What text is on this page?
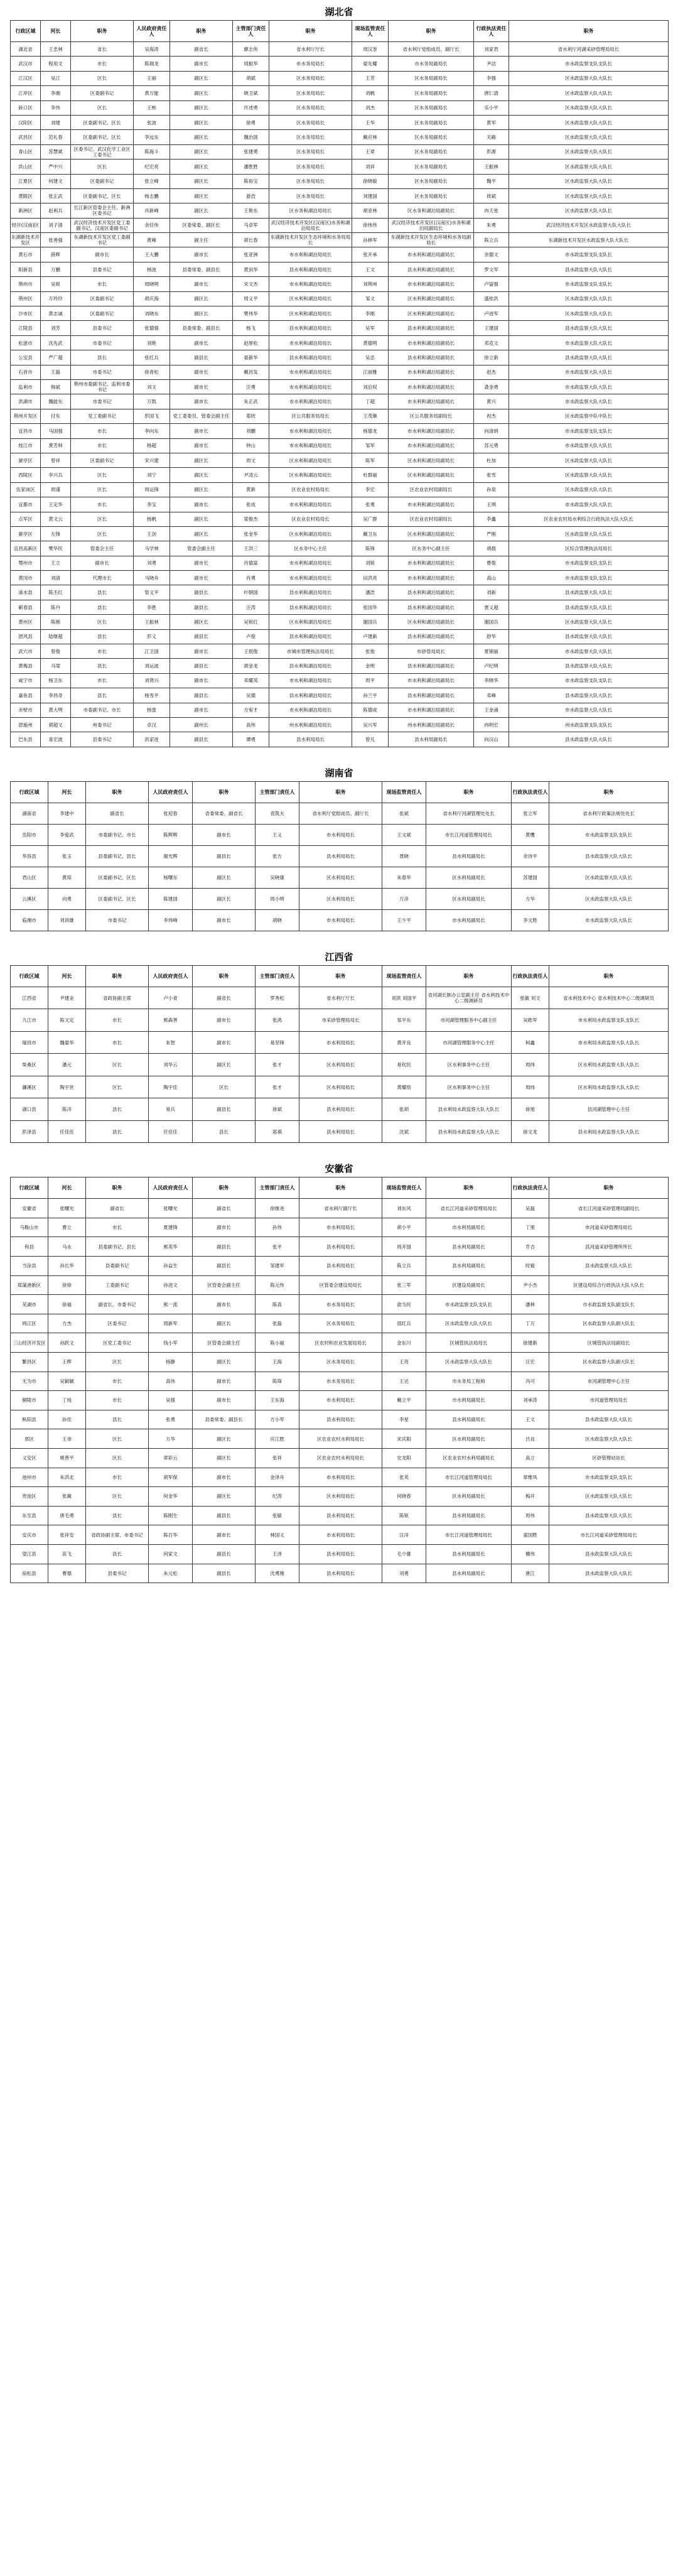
湖北省
行政区域	河长	职务	人民政府责任人	职务	主管部门责任人	职务	现场监管责任人	职务	行政执法责任人	职务
湖北省	王忠林	省长	吴海涛	副省长	廖志伟	省水利厅厅长	周汉奎	省水利厅党组成员、副厅长	刘家君	省水利厅河湖采砂管理局局长
武汉市	程用文	市长	陈瑞龙	副市长	周振华	市水务局局长	晏先耀	市水务局副局长	尹洁	市水政监察支队支队长
江汉区	吴江	区长	王丽	副区长	胡斌	区水务局局长	王芳	区水务局副局长	李强	区水政监察大队大队长
江岸区	李湘	区委副书记	黄万能	副区长	晓卫斌	区水务局局长	刘帆	区水务局副局长	唐仁清	区水政监察大队大队长
硚口区	李伟	区长	王彬	副区长	许述勇	区水务局局长	刘杰	区水务局副局长	乐小平	区水政监察大队大队长
汉阳区	刘建	区委副书记、区长	张波	副区长	徐勇	区水务局局长	王华	区水务局副局长	黄军	区水政监察大队大队长
武昌区	范礼春	区委副书记、区长	李远东	副区长	魏治国	区水务局局长	戴应林	区水务局副局长	关路	区水政监察大队大队长
青山区	苏慧斌	区委书记、武汉化学工业区工委书记	陈海斗	副区长	张建勇	区水务局局长	王章	区水务局副局长	彭源	区水政监察大队大队长
洪山区	严中兴	区长	纪宏亮	副区长	潘胜胜	区水务局局长	刘祥	区水务局副局长	王振林	区水政监察大队大队长
江夏区	何建文	区委副书记	张立峰	副区长	陈裕宝	区水务局局长	徐晓敏	区水务局副局长	魏平	区水政监察大队大队长
黄陂区	张正武	区委副书记、区长	杨志鹏	副区长	游浩	区水务局局长	刘建国	区水务局副局长	侯斌	区水政监察大队大队长
新洲区	赵利兵	长江新区管委会主任、新洲区委书记	肖新峰	副区长	王艳东	区水务和湖泊局局长	胡亚林	区水务和湖泊局副局长	冉天星	区水政监察大队大队长
经开(汉南)区	刘子清	武汉经济技术开发区党工委副书记、汉南区委副书记	余任伟	区委常委、副区长	马卓军	武汉经济技术开发区(汉南区)水务和湖泊局局长	徐伟伟	武汉经济技术开发区(汉南区)水务和湖泊局副局长	朱勇	武汉经济技术开发区水政监察大队大队长
东湖新技术开发区	张善强	东湖新技术开发区党工委副书记	黄峰	副主任	胡长春	东湖新技术开发区生态环境和水务局局长	孙林军	东湖新技术开发区生态环境和水务局副局长	陈立兵	东湖新技术开发区水政监察大队大队长
黄石市	薛辉	副市长	王大鹏	副市长	张亚洲	市水利和湖泊局局长	张开承	市水利和湖泊局副局长	余德文	市水政监察支队支队长
阳新县	万鹏	县委书记	杨波	县委常委、副县长	黄剑华	县水利和湖泊局局长	王文	县水利和湖泊局副局长	罗文军	县水政监察大队大队长
荆州市	吴锐	市长	周晓明	副市长	宋文杰	市水利和湖泊局局长	刘荆州	市水利和湖泊局副局长	卢富强	市水政监察支队支队长
荆州区	万玲玲	区委副书记	胡庆海	副区长	周义平	区水利和湖泊局局长	邹文	区水利和湖泊局副局长	盛桂洪	区水政监察大队大队长
沙市区	黄志诚	区委副书记	刘晓东	副区长	樊伟华	区水利和湖泊局局长	李刚	区水利和湖泊局副局长	卢进军	区水政监察大队大队长
江陵县	刘芳	县委书记	张德强	县委常委、副县长	杨飞	县水利和湖泊局局长	吴军	县水利和湖泊局副局长	王建国	县水政监察大队大队长
松滋市	沈先武	市委书记	刘艳	副市长	赵厚松	市水利和湖泊局局长	黄德明	市水利和湖泊局副局长	邓克文	市水政监察大队大队长
公安县	严广超	县长	张红兵	副县长	晏新华	县水利和湖泊局局长	吴忠	县水利和湖泊局副局长	徐立新	县水政监察大队大队长
石首市	王磊	市委书记	徐青松	副市长	戴昌发	市水利和湖泊局局长	江丽雅	市水利和湖泊局副局长	赵杰	市水政监察大队大队长
监利市	韩斌	荆州市委副书记、监利市委书记	刘文	副市长	汪勇	市水利和湖泊局局长	刘启权	市水利和湖泊局副局长	龚金勇	市水政监察大队大队长
洪湖市	魏能东	市委书记	万凯	副市长	朱正武	市水利和湖泊局局长	丁超	市水利和湖泊局副局长	黄兴	市水政监察大队大队长
荆州开发区	付东	党工委副书记	彭国飞	党工委委员、管委会副主任	郑欣	区公共服务局局长	王茂顺	区公共服务局副局长	祝杰	区水政监察中队中队长
宜昌市	马国强	市长	李向东	副市长	刘鹏	市水利和湖泊局局长	杨德龙	市水利和湖泊局副局长	向清炳	市水政监察支队支队长
枝江市	黄芳帅	市长	杨超	副市长	钟山	市水利和湖泊局局长	邹军	市水利和湖泊局副局长	苏元勇	市水政监察大队大队长
猇亭区	曾祥	区委副书记	宋兴建	副区长	周文	区水利和湖泊局局长	陈军	区水利和湖泊局副局长	杜加	区水政监察大队大队长
西陵区	李兴兵	区长	刘宁	副区长	尹凌云	区水利和湖泊局局长	杜群丽	区水利和湖泊局副局长	张雪	区水政监察大队大队长
伍家岗区	周谨	区长	周运锋	副区长	黄新	区农业农村局局长	李宏	区农业农村局副局长	孙泉	区水政监察大队大队长
宜都市	王定华	市长	李宝	副市长	张成	市水利和湖泊局局长	张勇	市水利和湖泊局副局长	王琪	市水政监察大队大队长
点军区	黄文云	区长	杨帆	副区长	梁俊杰	区农业农村局局长	吴广群	区农业农村局副局长	李鑫	区农业农村局水利综合行政执法大队大队长
猇亭区	左锋	区长	王剑	副区长	张金华	区水利和湖泊局局长	戴卫东	区水利和湖泊局副局长	严刚	区水政监察大队大队长
宜昌高新区	樊华民	管委会主任	马学林	管委会副主任	王洪三	区水务中心主任	陈锋	区水务中心副主任	胡晨	区综合管理执法局局长
鄂州市	王立	副市长	刘勇	副市长	肖德富	市水利和湖泊局局长	刘锐	市水利和湖泊局副局长	曹俊	市水政监察支队支队长
黄冈市	刘清	代理市长	马晓舟	副市长	肖勇	市水利和湖泊局局长	田洪亮	市水利和湖泊局副局长	高山	市水政监察支队支队长
浠水县	陈丕红	县长	管义平	副县长	叶朝国	县水利和湖泊局局长	潘浩	县水利和湖泊局副局长	刘新	县水政监察大队大队长
蕲春县	陈丹	县长	李胜	副县长	汪涛	县水利和湖泊局局长	张国华	县水利和湖泊局副局长	贾义超	县水政监察大队大队长
黄州区	陈刚	区长	王振林	副区长	吴锐红	区水利和湖泊局局长	谢国兵	区水利和湖泊局副局长	谢国兵	区水政监察大队大队长
团风县	陆继超	县长	彭义	副县长	卢俊	县水利和湖泊局局长	卢建新	县水利和湖泊局副局长	舒华	县水政监察大队大队长
武穴市	曾俊	市长	江卫国	副市长	王珉俊	市城市管理执法局局长	张俊	市砂管局局长	夏锦丽	市水政监察大队大队长
黄梅县	马梁	县长	刘运波	副县长	胡金龙	县水利和湖泊局局长	金明	县水利和湖泊局副局长	卢纪明	县水政监察大队大队长
咸宁市	杨卫东	市长	刘贤兴	副市长	邓耀英	市水利和湖泊局局长	周平	市水利和湖泊局副局长	李晓华	市水政监察支队支队长
嘉鱼县	李昌奇	县长	杨雪平	副县长	吴德	县水利和湖泊局局长	孙兰平	县水利和湖泊局副局长	邓峰	县水政监察大队大队长
赤壁市	黄大明	市委副书记、市长	杨雷	副市长	方宥才	市水利和湖泊局局长	陈德成	市水利和湖泊局副局长	王金涌	市水政监察大队大队长
恩施州	胡超文	州委书记	卓汉	副州长	高伟	州水利和湖泊局局长	吴兴军	州水利和湖泊局副局长	冉明宏	州水政监察支队支队长
巴东县	喜宏波	县委书记	洪家进	副县长	谭勇	县水利局局长	曾凡	县水利局副局长	向汉山	县水政监察大队大队长
湖南省
行政区域	河长	职务	人民政府责任人	职务	主管部门责任人	职务	现场监管责任人	职务	行政执法责任人	职务
湖南省	李建中	副省长	张迎春	省委常委、副省长	袁筑夫	省水利厅党组成员、副厅长	张斌	省水利厅河湖管理处处长	张立军	省水利厅政策法规处处长
岳阳市	李爱武	市委副书记、市长	陈辉辉	副市长	王义	市水利局局长	王文斌	市长江河道管理局局长	黄鹰	市水政监察支队支队长
华容县	张玉	县委副书记、县长	谢光辉	副县长	张方	县水利局局长	聂晓	县水利局副局长	余诗平	县水政监察大队大队长
君山区	黄琼	区委副书记、区长	杨曙东	副区长	吴晓康	区水利局局长	朱春华	区水利局副局长	苏建国	区水政监察大队大队长
云溪区	向勇	区委副书记、区长	陈建国	副区长	周小明	区水利局局长	万彦	区水利局副局长	方华	区水政监察大队大队长
临湘市	刘训雄	市委书记	李伟峰	副市长	胡晓	市水利局局长	王少平	市水利局副局长	李文胜	市水政监察大队大队长
江西省
行政区域	河长	职务	人民政府责任人	职务	主管部门责任人	职务	现场监管责任人	职务	行政执法责任人	职务
江西省	尹建业	省政协副主席	卢小青	副省长	罗秀松	省水利厅厅长	刘洪 刘国平	省河湖长制办公室副主任 省水利技术中心二级调研员	张敏 刘文	省水利技术中心 省水利技术中心二级调研员
九江市	陈文定	市长	熊森善	副市长	张鸿	市采砂管理局局长	邹平东	市河湖管理服务中心副主任	吴皓军	市水利局水政监察支队支队长
瑞昌市	魏晏华	市长	朱智	副市长	易坚锋	市水利局局长	黄开良	市河湖管理服务中心主任	柯鑫	市水利局水政监察大队大队长
柴桑区	潘元	区长	刘华云	副区长	张才	区水利局局长	易钦民	区水利事务中心主任	周纬	区水利局水政监察大队大队长
濂溪区	陶宇世	区长	陶宇佳	区长	张才	区水利局局长	黄耀悟	区水利事务中心主任	周纬	区水利局水政监察大队大队长
湖口县	陈洋	县长	易兵	副县长	徐斌	县水利局局长	张胡	县水利局水政监察大队大队长	徐旭	县河湖管理中心主任
彭泽县	任佳佳	县长	任佳佳	县长	郑祺	县水利局局长	沈斌	县水利局水政监察大队大队长	徐文龙	县水利局水政监察大队大队长
安徽省
行政区域	河长	职务	人民政府责任人	职务	主管部门责任人	职务	现场监管责任人	职务	行政执法责任人	职务
安徽省	张曙光	副省长	张曙光	副省长	徐继尧	省水利厅副厅长	刘东风	省长江河道采砂管理局局长	吴磊	省长江河道采砂管理局副局长
马鞍山市	曹立	市长	夏建锋	副市长	孙伟	市水利局局长	胡小平	市水利局副局长	丁旭	市河道采砂管理局局长
和县	马永	县委副书记、县长	熊英华	副县长	张平	县水利局局长	周开国	县水利局副局长	乔吉	县河道采砂管理所所长
当涂县	孙长华	县委副书记	孙益生	副县长	邹建军	县水利局局长	陈立兵	县水利局副局长	时毅	县水政监察大队大队长
郑蒲港新区	徐徐	工委副书记	孙进文	区管委会副主任	陈元伟	区管委会建设局局长	张三军	区建设局副局长	尹小杰	区建设局综合行政执法大队大队长
芜湖市	徐福	副省长、市委书记	熊一流	副市长	陈真	市水务局局长	俞为民	市水政监察支队支队长	潘林	市水政监察支队副支队长
鸠江区	方杰	区委书记	周新军	副区长	张磊	区水务局局长	邵红兵	区水政监察大队大队长	丁万	区水政监察大队副大队长
三山经济开发区	孙跃文	区党工委书记	钱小军	区管委会副主任	陈小丽	区农村和农业发展局局长	金东川	区城管执法局局长	徐建新	区城管执法局副局长
繁昌区	王辉	区长	杨静	副区长	王海	区水务局局长	王亮	区水政监察大队大队长	汪宏	区水政监察大队副大队长
无为市	吴颖颖	市长	高伟	副市长	陈琛	市水务局局长	王达	市水务局工程师	冯可	市河湖管理中心主任
铜陵市	丁纯	市长	吴强	副市长	王东海	市水利局局长	戴立平	市水利局副局长	刘承涛	市河道管理局局长
枞阳县	孙佳	县长	张勇	县委常委、副县长	方小军	县水利局局长	李星	县水利局副局长	王文	县水政监察大队大队长
郊区	王帝	区长	万华	副区长	应江胜	区农业农村水利局局长	宋庆阳	区水利局副局长	吕良	区水政监察大队大队长
义安区	姚善平	区长	章彩云	副区长	张祥	区农业农村水利局局长	史龙阳	区农业农村水利局副局长	高立	区砂管理站站长
池州市	朱洪北	市长	胡军保	副市长	金泽舟	市水利局局长	张英	市长江河道管理局局长	章维凤	市水政监察支队支队长
贵池区	张蔺	区长	何金华	副区长	纪涛	区水利局局长	何晓春	区水利局副局长	梅开	区水政监察大队大队长
东至县	唐毛勇	县长	陈刚生	副县长	张敏	县水利局局长	陈锐	县水利局副局长	周伟	县水政监察大队大队长
安庆市	张祥安	省政协副主席、市委书记	陈召华	副市长	林国义	市水利局局长	汪洋	市长江河道管理局局长	童国胜	市长江河道采砂管理局局长
望江县	苗飞	县长	何家文	副县长	王泽	县水利局局长	毛少雄	县水利局副局长	檀伟	县水政监察大队大队长
宿松县	曹德	县委书记	朱元松	副县长	沈勇刚	县水利局局长	刘勇	县水利局副局长	唐江	县水政监察大队大队长
